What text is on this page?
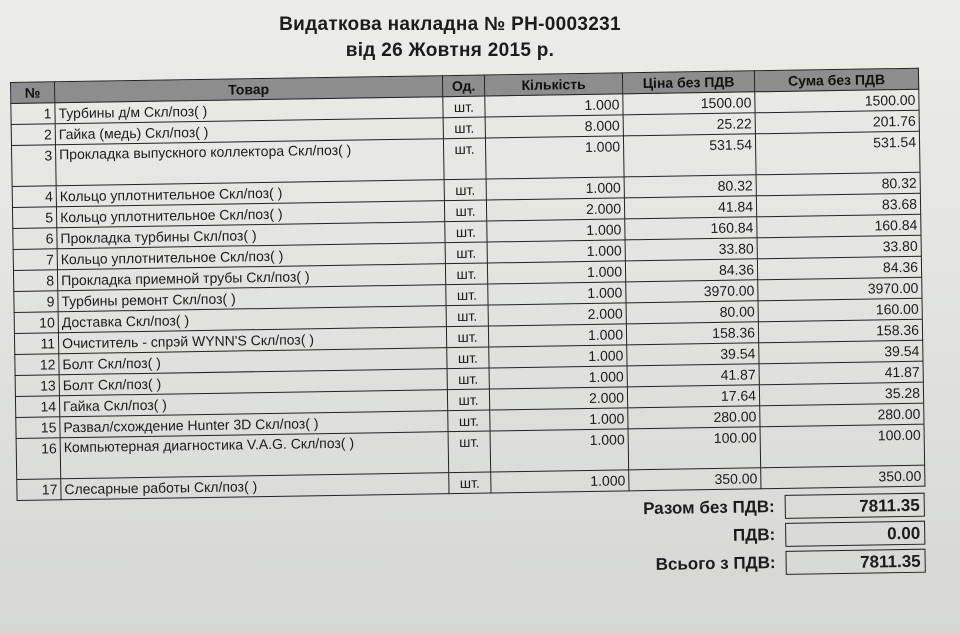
Видаткова накладна № РН-0003231
від 26 Жовтня 2015 р.
№	Товар	Од.	Кількість	Ціна без ПДВ	Сума без ПДВ
1	Турбины д/м Скл/поз( )	шт.	1.000	1500.00	1500.00
2	Гайка (медь) Скл/поз( )	шт.	8.000	25.22	201.76
3	Прокладка выпускного коллектора Скл/поз( )	шт.	1.000	531.54	531.54
4	Кольцо уплотнительное Скл/поз( )	шт.	1.000	80.32	80.32
5	Кольцо уплотнительное Скл/поз( )	шт.	2.000	41.84	83.68
6	Прокладка турбины Скл/поз( )	шт.	1.000	160.84	160.84
7	Кольцо уплотнительное Скл/поз( )	шт.	1.000	33.80	33.80
8	Прокладка приемной трубы Скл/поз( )	шт.	1.000	84.36	84.36
9	Турбины ремонт Скл/поз( )	шт.	1.000	3970.00	3970.00
10	Доставка Скл/поз( )	шт.	2.000	80.00	160.00
11	Очиститель - спрэй WYNN'S Скл/поз( )	шт.	1.000	158.36	158.36
12	Болт Скл/поз( )	шт.	1.000	39.54	39.54
13	Болт Скл/поз( )	шт.	1.000	41.87	41.87
14	Гайка Скл/поз( )	шт.	2.000	17.64	35.28
15	Развал/схождение Hunter 3D Скл/поз( )	шт.	1.000	280.00	280.00
16	Компьютерная диагностика V.A.G. Скл/поз( )	шт.	1.000	100.00	100.00
17	Слесарные работы Скл/поз( )	шт.	1.000	350.00	350.00
Разом без ПДВ:	7811.35
ПДВ:	0.00
Всього з ПДВ:	7811.35
